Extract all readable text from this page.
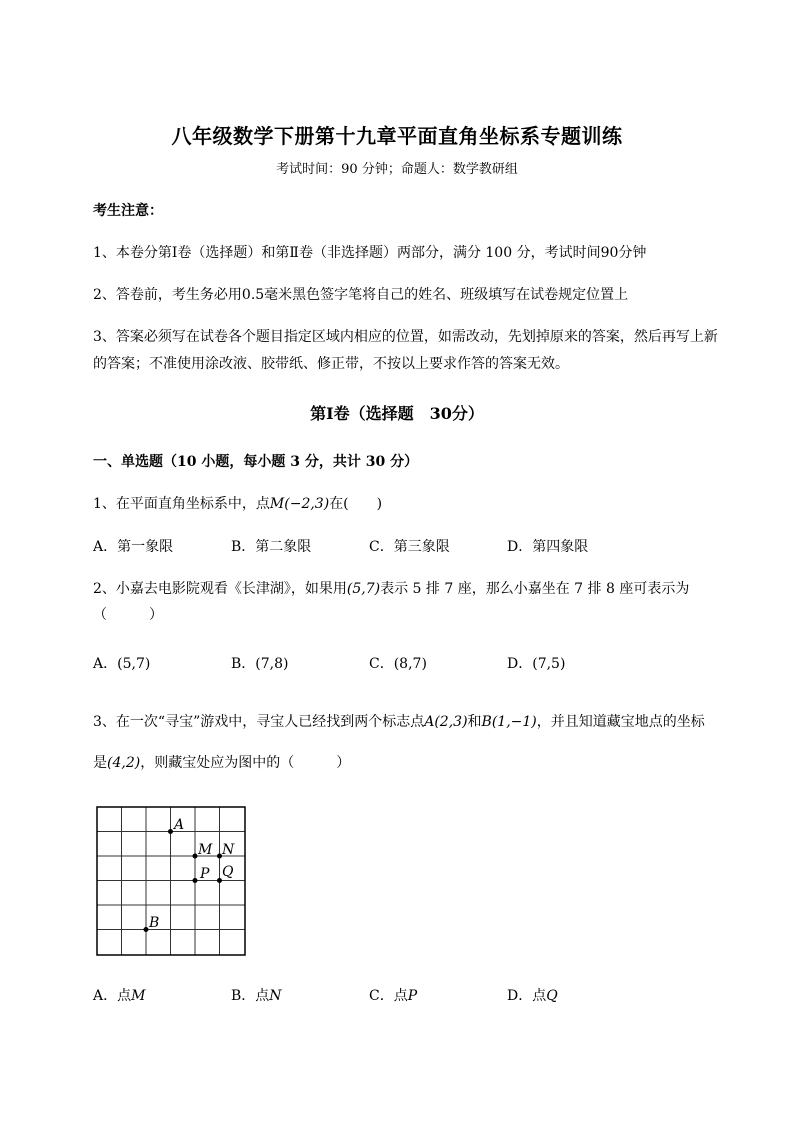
八年级数学下册第十九章平面直角坐标系专题训练
考试时间：90 分钟；命题人：数学教研组
考生注意：
1、本卷分第Ⅰ卷（选择题）和第Ⅱ卷（非选择题）两部分，满分 100 分，考试时间90分钟
2、答卷前，考生务必用0.5毫米黑色签字笔将自己的姓名、班级填写在试卷规定位置上
3、答案必须写在试卷各个题目指定区域内相应的位置，如需改动，先划掉原来的答案，然后再写上新
的答案；不准使用涂改液、胶带纸、修正带，不按以上要求作答的答案无效。
第Ⅰ卷（选择题　30分）
一、单选题（10 小题，每小题 3 分，共计 30 分）
1、在平面直角坐标系中，点M(−2,3)在(　　)
A．第一象限	B．第二象限	C．第三象限	D．第四象限
2、小嘉去电影院观看《长津湖》，如果用(5,7)表示 5 排 7 座，那么小嘉坐在 7 排 8 座可表示为
（　　　）
A．(5,7)	B．(7,8)	C．(8,7)	D．(7,5)
3、在一次“寻宝”游戏中，寻宝人已经找到两个标志点A(2,3)和B(1,−1)，并且知道藏宝地点的坐标
是(4,2)，则藏宝处应为图中的（　　　）
A
M N
P Q
B
A．点M	B．点N	C．点P	D．点Q
